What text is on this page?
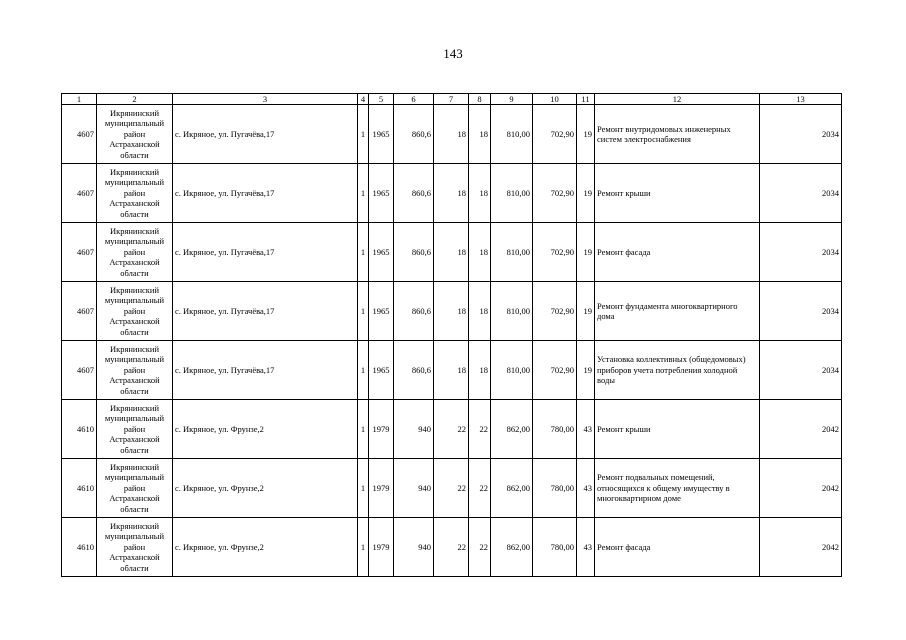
143
1	2	3	4	5	6	7	8	9	10	11	12	13
4607	Икрянинский муниципальный район Астраханской области	с. Икряное, ул. Пугачёва,17	1	1965	860,6	18	18	810,00	702,90	19	Ремонт внутридомовых инженерных систем электроснабжения	2034
4607	Икрянинский муниципальный район Астраханской области	с. Икряное, ул. Пугачёва,17	1	1965	860,6	18	18	810,00	702,90	19	Ремонт крыши	2034
4607	Икрянинский муниципальный район Астраханской области	с. Икряное, ул. Пугачёва,17	1	1965	860,6	18	18	810,00	702,90	19	Ремонт фасада	2034
4607	Икрянинский муниципальный район Астраханской области	с. Икряное, ул. Пугачёва,17	1	1965	860,6	18	18	810,00	702,90	19	Ремонт фундамента многоквартирного дома	2034
4607	Икрянинский муниципальный район Астраханской области	с. Икряное, ул. Пугачёва,17	1	1965	860,6	18	18	810,00	702,90	19	Установка коллективных (общедомовых) приборов учета потребления холодной воды	2034
4610	Икрянинский муниципальный район Астраханской области	с. Икряное, ул. Фрунзе,2	1	1979	940	22	22	862,00	780,00	43	Ремонт крыши	2042
4610	Икрянинский муниципальный район Астраханской области	с. Икряное, ул. Фрунзе,2	1	1979	940	22	22	862,00	780,00	43	Ремонт подвальных помещений, относящихся к общему имуществу в многоквартирном доме	2042
4610	Икрянинский муниципальный район Астраханской области	с. Икряное, ул. Фрунзе,2	1	1979	940	22	22	862,00	780,00	43	Ремонт фасада	2042
